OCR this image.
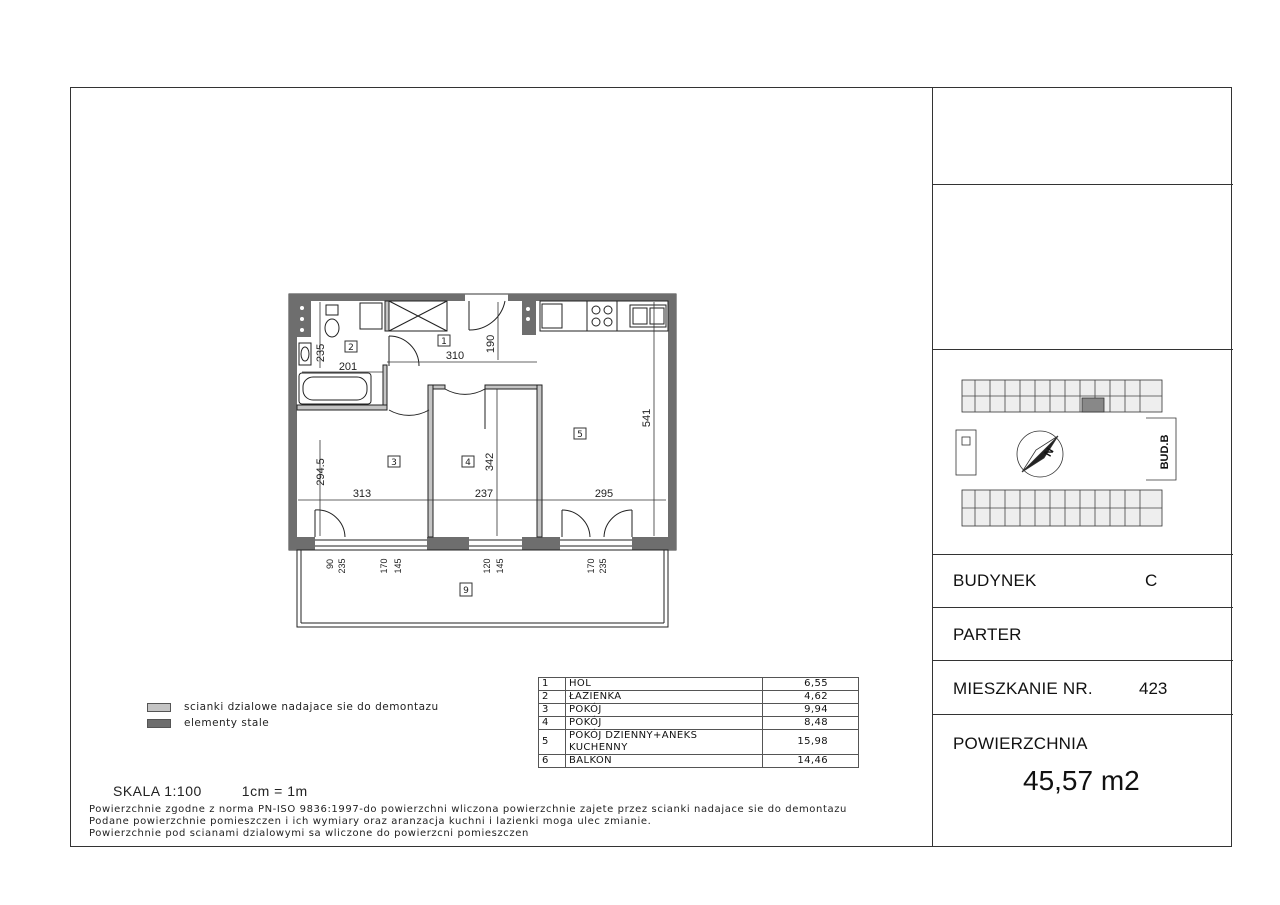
1
2
3	4
5
9
310
201
313	237	295
190
235
541
294.5	342
90 235	170 145	120 145	170 235
BUD.B
N
BUDYNEK	C
PARTER
MIESZKANIE NR.	423
POWIERZCHNIA
45,57 m2
scianki dzialowe nadajace sie do demontazu
elementy stale
1	HOL	6,55
2	ŁAZIENKA	4,62
3	POKÓJ	9,94
4	POKÓJ	8,48
5	POKÓJ DZIENNY+ANEKS KUCHENNY	15,98
6	BALKON	14,46
SKALA 1:100	1cm = 1m
Powierzchnie zgodne z norma PN-ISO 9836:1997-do powierzchni wliczona powierzchnie zajete przez scianki nadajace sie do demontazu
Podane powierzchnie pomieszczen i ich wymiary oraz aranzacja kuchni i lazienki moga ulec zmianie.
Powierzchnie pod scianami dzialowymi sa wliczone do powierzcni pomieszczen
